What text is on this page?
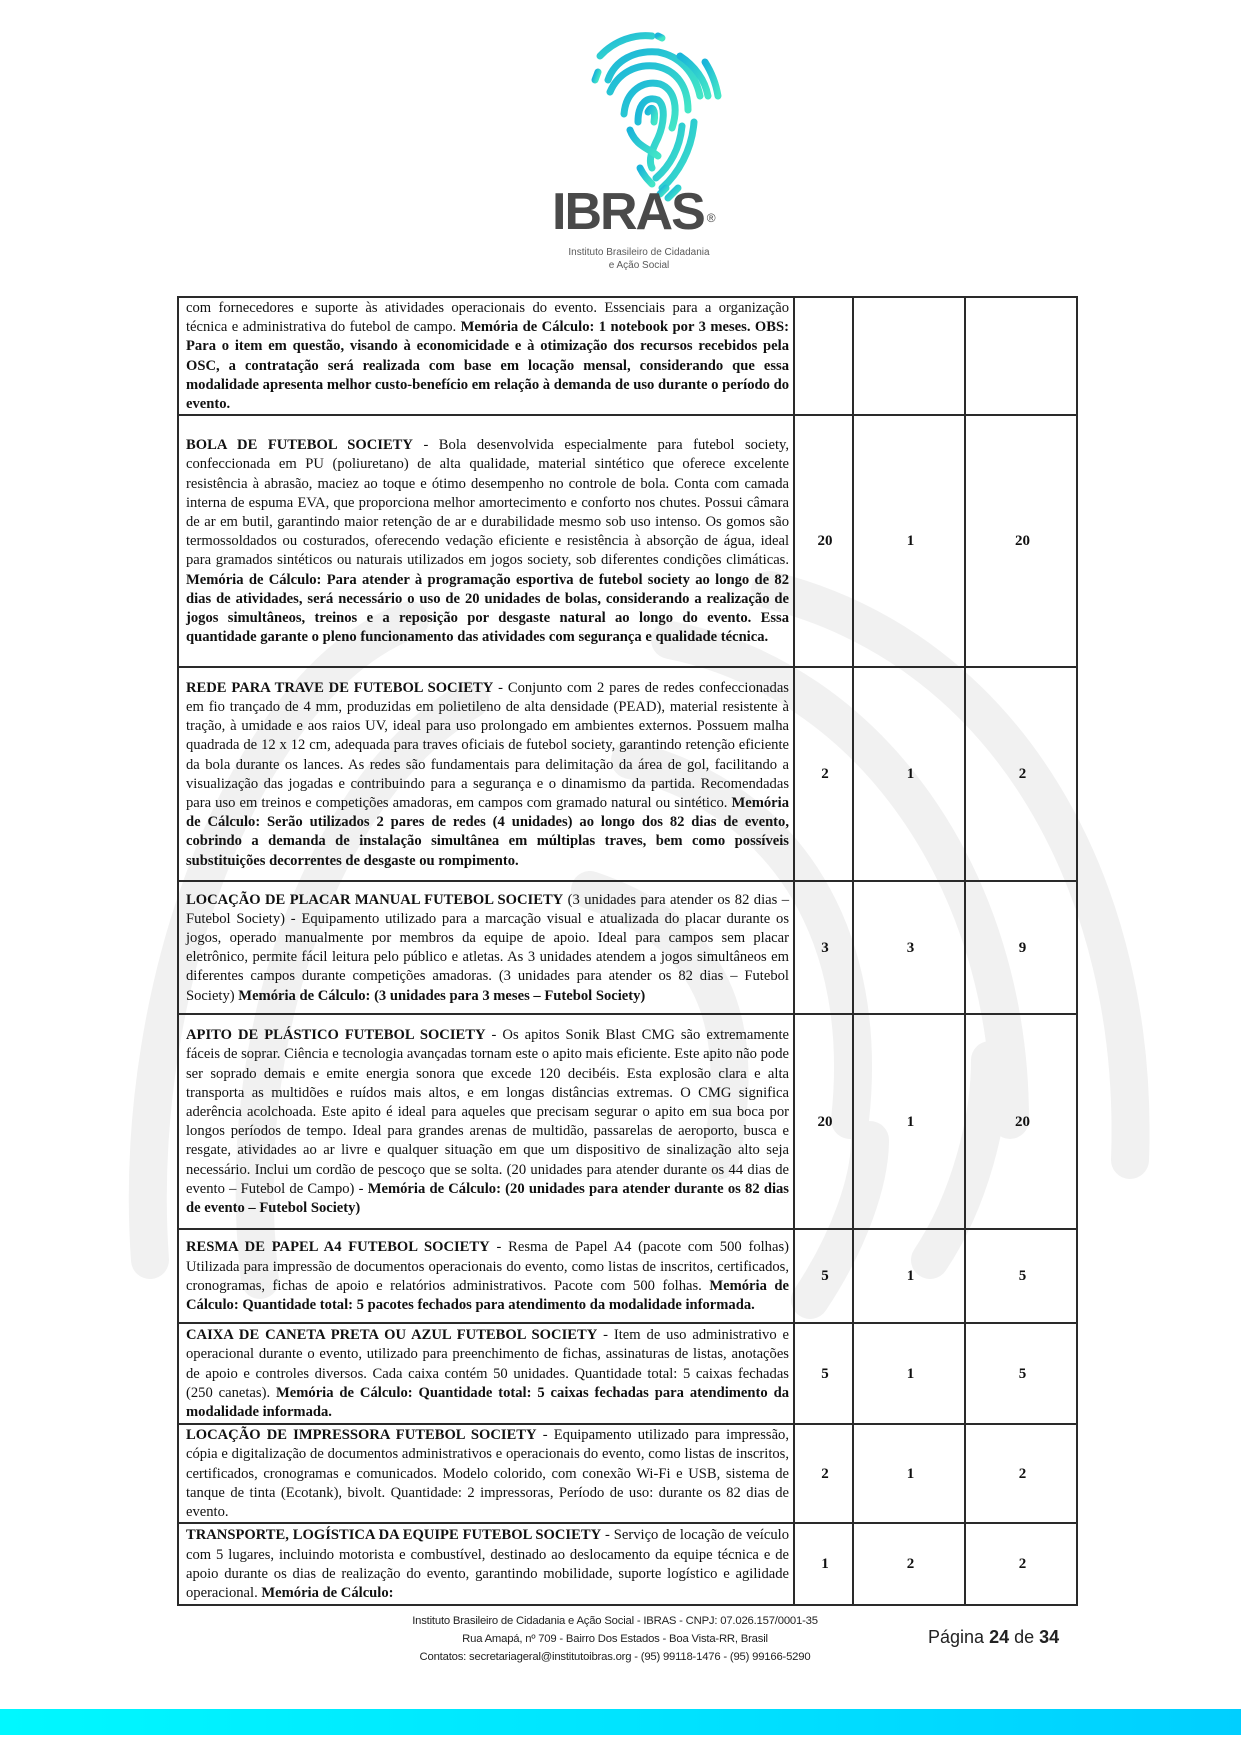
IBRAS ®
Instituto Brasileiro de Cidadania
e Ação Social
com fornecedores e suporte às atividades operacionais do evento. Essenciais para a organização técnica e administrativa do futebol de campo. Memória de Cálculo: 1 notebook por 3 meses. OBS: Para o item em questão, visando à economicidade e à otimização dos recursos recebidos pela OSC, a contratação será realizada com base em locação mensal, considerando que essa modalidade apresenta melhor custo-benefício em relação à demanda de uso durante o período do evento.			
BOLA DE FUTEBOL SOCIETY - Bola desenvolvida especialmente para futebol society, confeccionada em PU (poliuretano) de alta qualidade, material sintético que oferece excelente resistência à abrasão, maciez ao toque e ótimo desempenho no controle de bola. Conta com camada interna de espuma EVA, que proporciona melhor amortecimento e conforto nos chutes. Possui câmara de ar em butil, garantindo maior retenção de ar e durabilidade mesmo sob uso intenso. Os gomos são termossoldados ou costurados, oferecendo vedação eficiente e resistência à absorção de água, ideal para gramados sintéticos ou naturais utilizados em jogos society, sob diferentes condições climáticas. Memória de Cálculo: Para atender à programação esportiva de futebol society ao longo de 82 dias de atividades, será necessário o uso de 20 unidades de bolas, considerando a realização de jogos simultâneos, treinos e a reposição por desgaste natural ao longo do evento. Essa quantidade garante o pleno funcionamento das atividades com segurança e qualidade técnica.	20	1	20
REDE PARA TRAVE DE FUTEBOL SOCIETY - Conjunto com 2 pares de redes confeccionadas em fio trançado de 4 mm, produzidas em polietileno de alta densidade (PEAD), material resistente à tração, à umidade e aos raios UV, ideal para uso prolongado em ambientes externos. Possuem malha quadrada de 12 x 12 cm, adequada para traves oficiais de futebol society, garantindo retenção eficiente da bola durante os lances. As redes são fundamentais para delimitação da área de gol, facilitando a visualização das jogadas e contribuindo para a segurança e o dinamismo da partida. Recomendadas para uso em treinos e competições amadoras, em campos com gramado natural ou sintético. Memória de Cálculo: Serão utilizados 2 pares de redes (4 unidades) ao longo dos 82 dias de evento, cobrindo a demanda de instalação simultânea em múltiplas traves, bem como possíveis substituições decorrentes de desgaste ou rompimento.	2	1	2
LOCAÇÃO DE PLACAR MANUAL FUTEBOL SOCIETY (3 unidades para atender os 82 dias – Futebol Society) - Equipamento utilizado para a marcação visual e atualizada do placar durante os jogos, operado manualmente por membros da equipe de apoio. Ideal para campos sem placar eletrônico, permite fácil leitura pelo público e atletas. As 3 unidades atendem a jogos simultâneos em diferentes campos durante competições amadoras. (3 unidades para atender os 82 dias – Futebol Society) Memória de Cálculo: (3 unidades para 3 meses – Futebol Society)	3	3	9
APITO DE PLÁSTICO FUTEBOL SOCIETY - Os apitos Sonik Blast CMG são extremamente fáceis de soprar. Ciência e tecnologia avançadas tornam este o apito mais eficiente. Este apito não pode ser soprado demais e emite energia sonora que excede 120 decibéis. Esta explosão clara e alta transporta as multidões e ruídos mais altos, e em longas distâncias extremas. O CMG significa aderência acolchoada. Este apito é ideal para aqueles que precisam segurar o apito em sua boca por longos períodos de tempo. Ideal para grandes arenas de multidão, passarelas de aeroporto, busca e resgate, atividades ao ar livre e qualquer situação em que um dispositivo de sinalização alto seja necessário. Inclui um cordão de pescoço que se solta. (20 unidades para atender durante os 44 dias de evento – Futebol de Campo) - Memória de Cálculo: (20 unidades para atender durante os 82 dias de evento – Futebol Society)	20	1	20
RESMA DE PAPEL A4 FUTEBOL SOCIETY - Resma de Papel A4 (pacote com 500 folhas) Utilizada para impressão de documentos operacionais do evento, como listas de inscritos, certificados, cronogramas, fichas de apoio e relatórios administrativos. Pacote com 500 folhas. Memória de Cálculo: Quantidade total: 5 pacotes fechados para atendimento da modalidade informada.	5	1	5
CAIXA DE CANETA PRETA OU AZUL FUTEBOL SOCIETY - Item de uso administrativo e operacional durante o evento, utilizado para preenchimento de fichas, assinaturas de listas, anotações de apoio e controles diversos. Cada caixa contém 50 unidades. Quantidade total: 5 caixas fechadas (250 canetas). Memória de Cálculo: Quantidade total: 5 caixas fechadas para atendimento da modalidade informada.	5	1	5
LOCAÇÃO DE IMPRESSORA FUTEBOL SOCIETY - Equipamento utilizado para impressão, cópia e digitalização de documentos administrativos e operacionais do evento, como listas de inscritos, certificados, cronogramas e comunicados. Modelo colorido, com conexão Wi-Fi e USB, sistema de tanque de tinta (Ecotank), bivolt. Quantidade: 2 impressoras, Período de uso: durante os 82 dias de evento.	2	1	2
TRANSPORTE, LOGÍSTICA DA EQUIPE FUTEBOL SOCIETY - Serviço de locação de veículo com 5 lugares, incluindo motorista e combustível, destinado ao deslocamento da equipe técnica e de apoio durante os dias de realização do evento, garantindo mobilidade, suporte logístico e agilidade operacional. Memória de Cálculo:	1	2	2
Instituto Brasileiro de Cidadania e Ação Social - IBRAS - CNPJ: 07.026.157/0001-35
Rua Amapá, nº 709 - Bairro Dos Estados - Boa Vista-RR, Brasil
Contatos: secretariageral@institutoibras.org - (95) 99118-1476 - (95) 99166-5290
Página 24 de 34
